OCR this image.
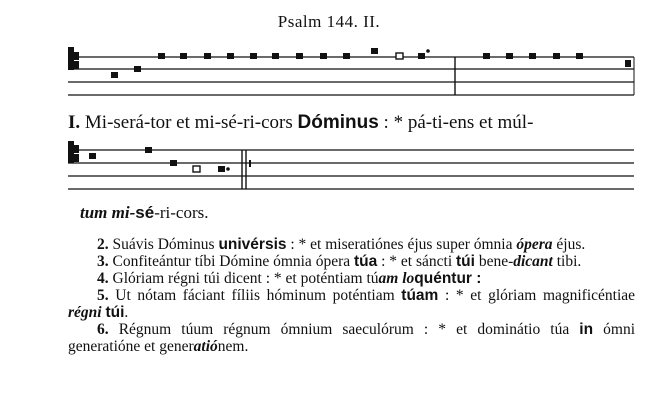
Psalm 144. II.
I. Mi-será-tor et mi-sé-ri-cors Dóminus : * pá-ti-ens et múl-
tum mi-sé-ri-cors.

2. Suávis Dóminus univérsis : * et miseratiónes éjus super ómnia ópera éjus.

3. Confiteántur tíbi Dómine ómnia ópera túa : * et sáncti túi bene-dicant tibi.

4. Glóriam régni túi dicent : * et poténtiam túam loquéntur :

5. Ut nótam fáciant fíliis hóminum poténtiam túam : * et glóriam magnificéntiae régni túi.

6. Régnum túum régnum ómnium saeculórum : * et dominátio túa in ómni generatióne et generatiónem.
